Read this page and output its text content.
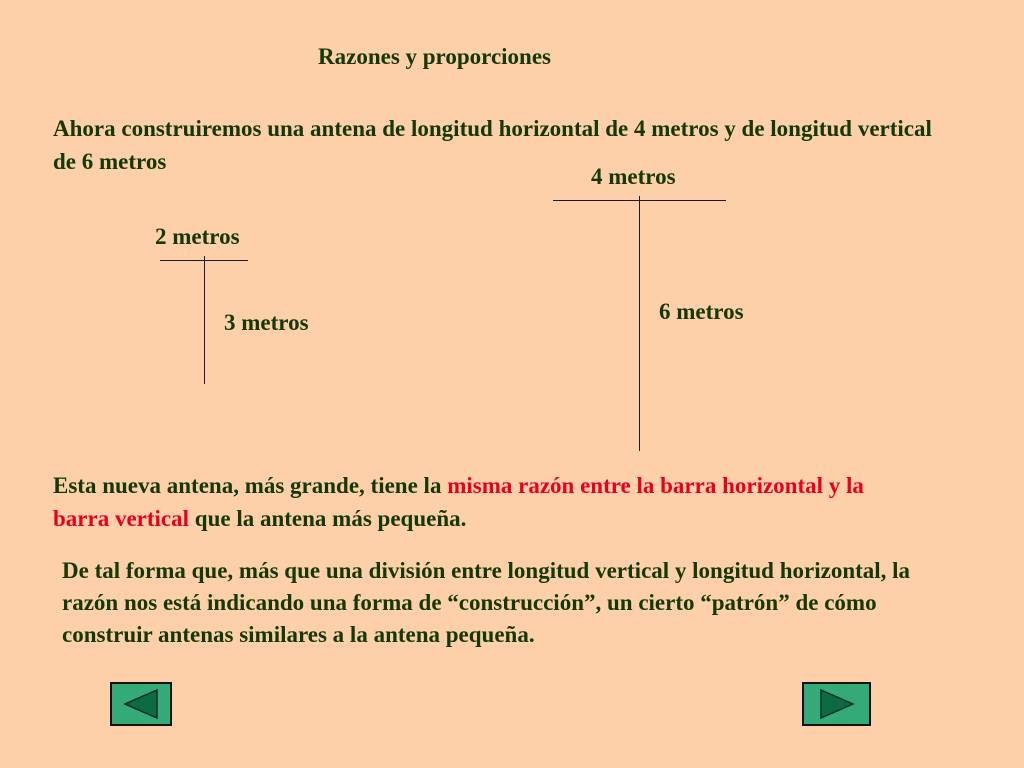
Razones y proporciones
Ahora construiremos una antena de longitud horizontal de 4 metros y de longitud vertical de 6 metros
2 metros
3 metros
4 metros
6 metros
Esta nueva antena, más grande, tiene la misma razón entre la barra horizontal y la barra vertical que la antena más pequeña.
De tal forma que, más que una división entre longitud vertical y longitud horizontal, la razón nos está indicando una forma de “construcción”, un cierto “patrón” de cómo construir antenas similares a la antena pequeña.
